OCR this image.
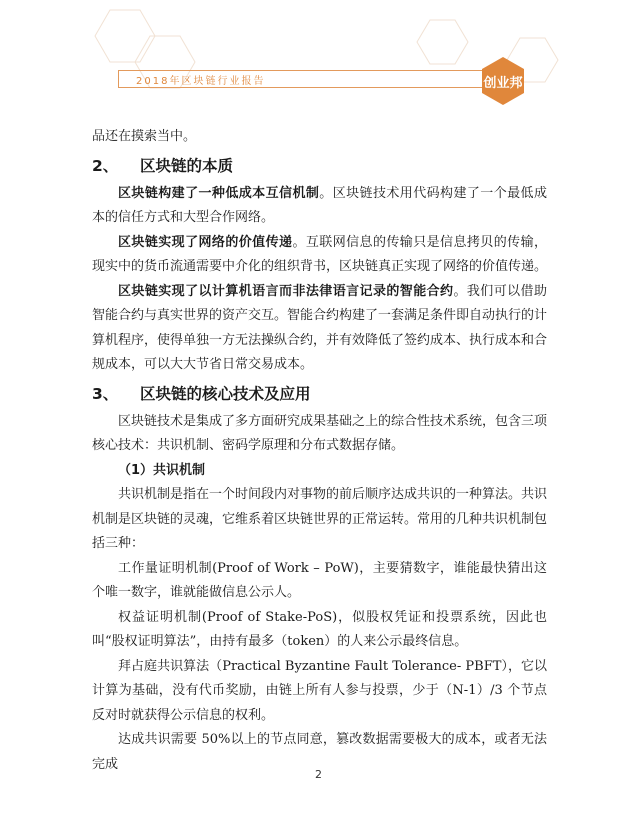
2018年区块链行业报告	创业邦

品还在摸索当中。

2、 区块链的本质

区块链构建了一种低成本互信机制。区块链技术用代码构建了一个最低成本的信任方式和大型合作网络。

区块链实现了网络的价值传递。互联网信息的传输只是信息拷贝的传输，现实中的货币流通需要中介化的组织背书，区块链真正实现了网络的价值传递。

区块链实现了以计算机语言而非法律语言记录的智能合约。我们可以借助智能合约与真实世界的资产交互。智能合约构建了一套满足条件即自动执行的计算机程序，使得单独一方无法操纵合约，并有效降低了签约成本、执行成本和合规成本，可以大大节省日常交易成本。

3、 区块链的核心技术及应用

区块链技术是集成了多方面研究成果基础之上的综合性技术系统，包含三项核心技术：共识机制、密码学原理和分布式数据存储。

（1）共识机制

共识机制是指在一个时间段内对事物的前后顺序达成共识的一种算法。共识机制是区块链的灵魂，它维系着区块链世界的正常运转。常用的几种共识机制包括三种：

工作量证明机制(Proof of Work – PoW)，主要猜数字，谁能最快猜出这个唯一数字，谁就能做信息公示人。

权益证明机制(Proof of Stake-PoS)，似股权凭证和投票系统，因此也叫“股权证明算法”，由持有最多（token）的人来公示最终信息。

拜占庭共识算法（Practical Byzantine Fault Tolerance- PBFT），它以计算为基础，没有代币奖励，由链上所有人参与投票，少于（N-1）/3 个节点反对时就获得公示信息的权利。

达成共识需要 50%以上的节点同意，篡改数据需要极大的成本，或者无法完成

2
